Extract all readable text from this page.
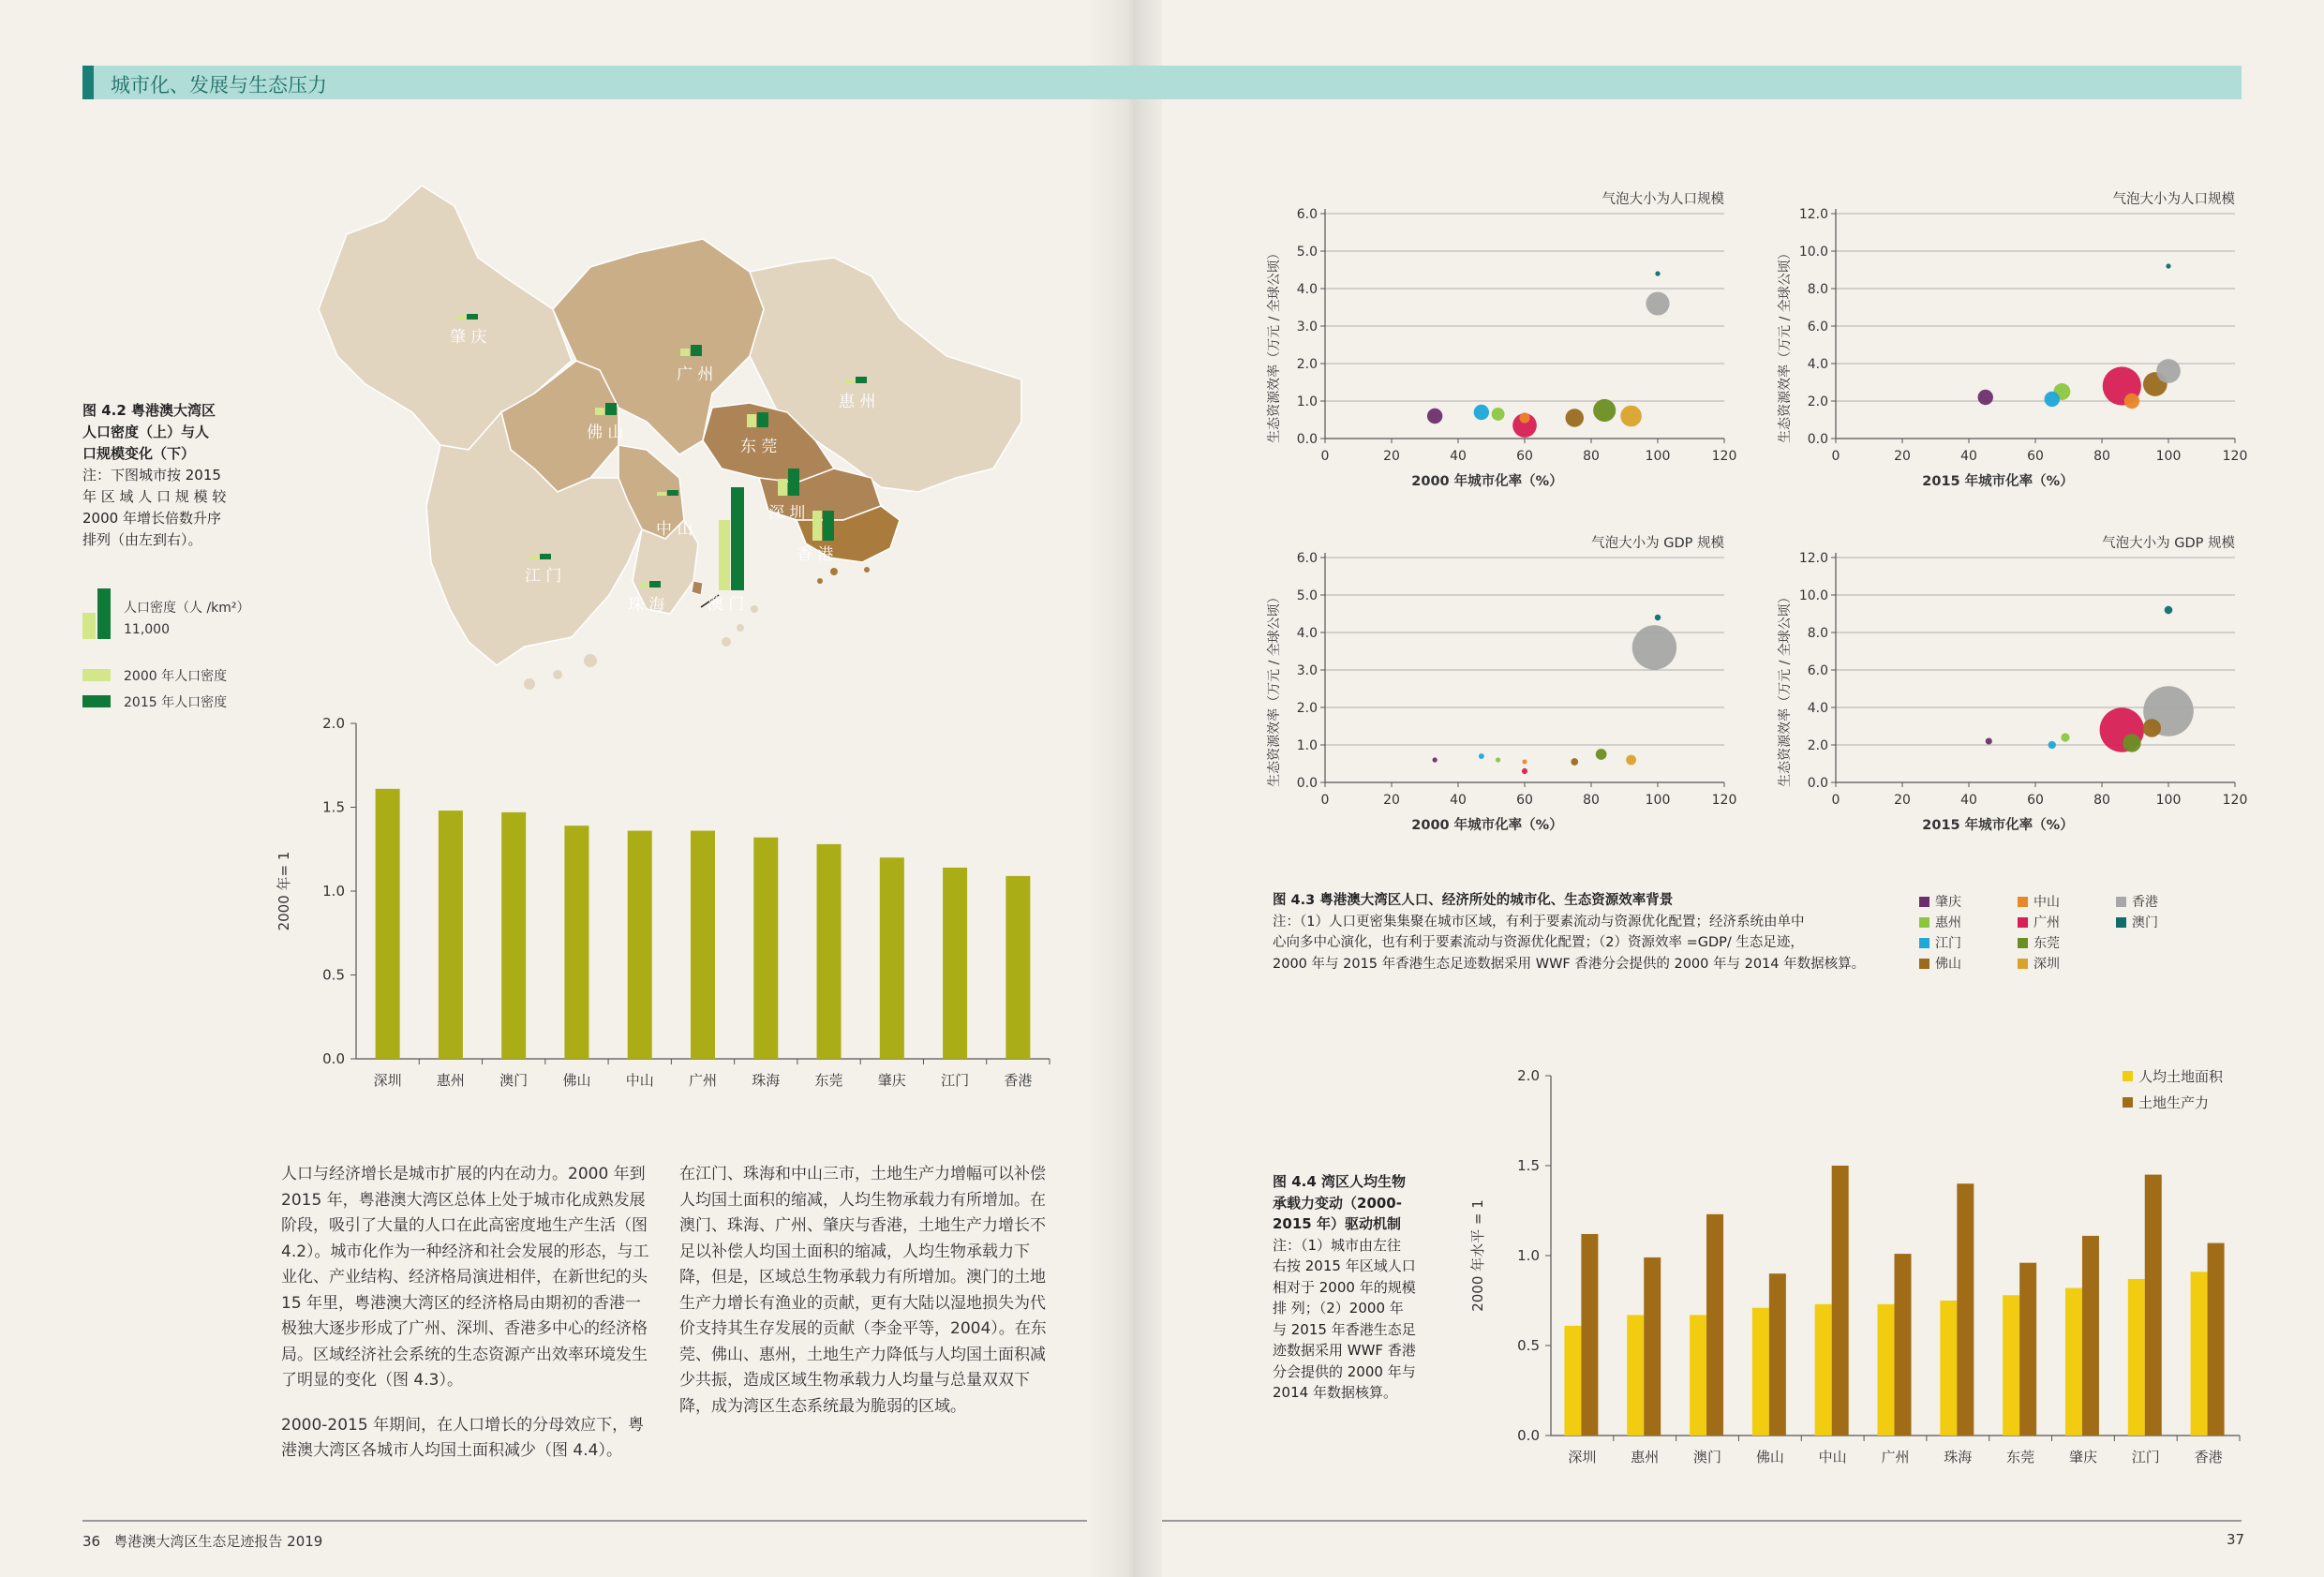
城市化、发展与生态压力
图 4.2 粤港澳大湾区
人口密度（上）与人
口规模变化（下）
注：下图城市按 2015
年 区 域 人 口 规 模 较
2000 年增长倍数升序
排列（由左到右）。
人口密度（人 /km²）
11,000
2000 年人口密度
2015 年人口密度
肇 庆
广 州
惠 州
佛 山
东 莞
中 山
深 圳
江 门
珠 海
香 港
澳 门
0.0
0.5
1.0
1.5
2.0
2000 年= 1
深圳 惠州 澳门 佛山 中山 广州 珠海 东莞 肇庆 江门 香港

人口与经济增长是城市扩展的内在动力。2000 年到 2015 年，粤港澳大湾区总体上处于城市化成熟发展阶段，吸引了大量的人口在此高密度地生产生活（图 4.2）。城市化作为一种经济和社会发展的形态，与工业化、产业结构、经济格局演进相伴，在新世纪的头 15 年里，粤港澳大湾区的经济格局由期初的香港一极独大逐步形成了广州、深圳、香港多中心的经济格局。区域经济社会系统的生态资源产出效率环境发生了明显的变化（图 4.3）。

2000-2015 年期间，在人口增长的分母效应下，粤港澳大湾区各城市人均国土面积减少（图 4.4）。

在江门、珠海和中山三市，土地生产力增幅可以补偿人均国土面积的缩减，人均生物承载力有所增加。在澳门、珠海、广州、肇庆与香港，土地生产力增长不足以补偿人均国土面积的缩减，人均生物承载力下降，但是，区域总生物承载力有所增加。澳门的土地生产力增长有渔业的贡献，更有大陆以湿地损失为代价支持其生存发展的贡献（李金平等，2004）。在东莞、佛山、惠州，土地生产力降低与人均国土面积减少共振，造成区域生物承载力人均量与总量双双下降，成为湾区生态系统最为脆弱的区域。

气泡大小为人口规模
0.0
1.0
2.0
3.0
4.0
5.0
6.0
0	20	40	60	80	100	120
2000 年城市化率（%）
生态资源效率（万元 / 全球公顷）
气泡大小为人口规模
0.0
2.0
4.0
6.0
8.0
10.0
12.0
0	20	40	60	80	100	120
2015 年城市化率（%）
生态资源效率（万元 / 全球公顷）
气泡大小为 GDP 规模
0.0
1.0
2.0
3.0
4.0
5.0
6.0
0	20	40	60	80	100	120
2000 年城市化率（%）
生态资源效率（万元 / 全球公顷）
气泡大小为 GDP 规模
0.0
2.0
4.0
6.0
8.0
10.0
12.0
0	20	40	60	80	100	120
2015 年城市化率（%）
生态资源效率（万元 / 全球公顷）
图 4.3 粤港澳大湾区人口、经济所处的城市化、生态资源效率背景
注：（1）人口更密集集聚在城市区域，有利于要素流动与资源优化配置；经济系统由单中
心向多中心演化，也有利于要素流动与资源优化配置；（2）资源效率 =GDP/ 生态足迹，
2000 年与 2015 年香港生态足迹数据采用 WWF 香港分会提供的 2000 年与 2014 年数据核算。
肇庆	中山	香港
惠州	广州	澳门
江门	东莞
佛山	深圳
图 4.4 湾区人均生物
承载力变动（2000-
2015 年）驱动机制
注：（1）城市由左往
右按 2015 年区域人口
相对于 2000 年的规模
排 列；（2）2000 年
与 2015 年香港生态足
迹数据采用 WWF 香港
分会提供的 2000 年与
2014 年数据核算。
0.0
0.5
1.0
1.5
2.0
2000 年水平 = 1
深圳 惠州 澳门 佛山 中山 广州 珠海 东莞 肇庆 江门 香港
人均土地面积
土地生产力
36 粤港澳大湾区生态足迹报告 2019	37
